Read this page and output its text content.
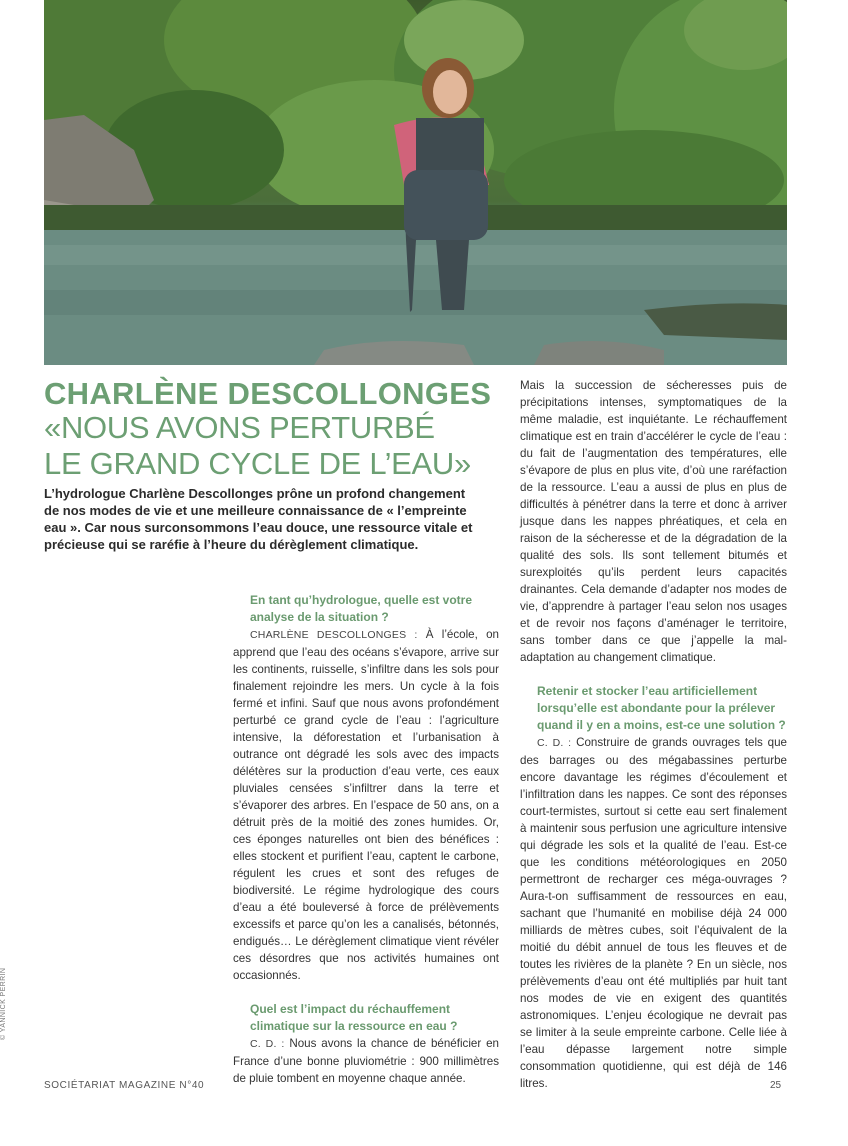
CHARLÈNE DESCOLLONGES
«NOUS AVONS PERTURBÉ
LE GRAND CYCLE DE L’EAU»

L’hydrologue Charlène Descollonges prône un profond changement de nos modes de vie et une meilleure connaissance de « l’empreinte eau ». Car nous surconsommons l’eau douce, une ressource vitale et précieuse qui se raréfie à l’heure du dérèglement climatique.

En tant qu’hydrologue, quelle est votre analyse de la situation ?

CHARLÈNE DESCOLLONGES : À l’école, on apprend que l’eau des océans s’évapore, arrive sur les continents, ruisselle, s’infiltre dans les sols pour finalement rejoindre les mers. Un cycle à la fois fermé et infini. Sauf que nous avons profondément perturbé ce grand cycle de l’eau : l’agriculture intensive, la déforestation et l’urbanisation à outrance ont dégradé les sols avec des impacts délétères sur la production d’eau verte, ces eaux pluviales censées s’infiltrer dans la terre et s’évaporer des arbres. En l’espace de 50 ans, on a détruit près de la moitié des zones humides. Or, ces éponges naturelles ont bien des bénéfices : elles stockent et purifient l’eau, captent le carbone, régulent les crues et sont des refuges de biodiversité. Le régime hydrologique des cours d’eau a été bouleversé à force de prélèvements excessifs et parce qu’on les a canalisés, bétonnés, endigués… Le dérèglement climatique vient révéler ces désordres que nos activités humaines ont occasionnés.

Quel est l’impact du réchauffement climatique sur la ressource en eau ?

C. D. : Nous avons la chance de bénéficier en France d’une bonne pluviométrie : 900 millimètres de pluie tombent en moyenne chaque année.

Mais la succession de sécheresses puis de précipitations intenses, symptomatiques de la même maladie, est inquiétante. Le réchauffement climatique est en train d’accélérer le cycle de l’eau : du fait de l’augmentation des températures, elle s’évapore de plus en plus vite, d’où une raréfaction de la ressource. L’eau a aussi de plus en plus de difficultés à pénétrer dans la terre et donc à arriver jusque dans les nappes phréatiques, et cela en raison de la sécheresse et de la dégradation de la qualité des sols. Ils sont tellement bitumés et surexploités qu’ils perdent leurs capacités drainantes. Cela demande d’adapter nos modes de vie, d’apprendre à partager l’eau selon nos usages et de revoir nos façons d’aménager le territoire, sans tomber dans ce que j’appelle la mal-adaptation au changement climatique.

Retenir et stocker l’eau artificiellement lorsqu’elle est abondante pour la prélever quand il y en a moins, est-ce une solution ?

C. D. : Construire de grands ouvrages tels que des barrages ou des mégabassines perturbe encore davantage les régimes d’écoulement et l’infiltration dans les nappes. Ce sont des réponses court-termistes, surtout si cette eau sert finalement à maintenir sous perfusion une agriculture intensive qui dégrade les sols et la qualité de l’eau. Est-ce que les conditions météorologiques en 2050 permettront de recharger ces méga-ouvrages ? Aura-t-on suffisamment de ressources en eau, sachant que l’humanité en mobilise déjà 24 000 milliards de mètres cubes, soit l’équivalent de la moitié du débit annuel de tous les fleuves et de toutes les rivières de la planète ? En un siècle, nos prélèvements d’eau ont été multipliés par huit tant nos modes de vie en exigent des quantités astronomiques. L’enjeu écologique ne devrait pas se limiter à la seule empreinte carbone. Celle liée à l’eau dépasse largement notre simple consommation quotidienne, qui est déjà de 146 litres.

SOCIÉTARIAT MAGAZINE N°40	25

© YANNICK PERRIN
